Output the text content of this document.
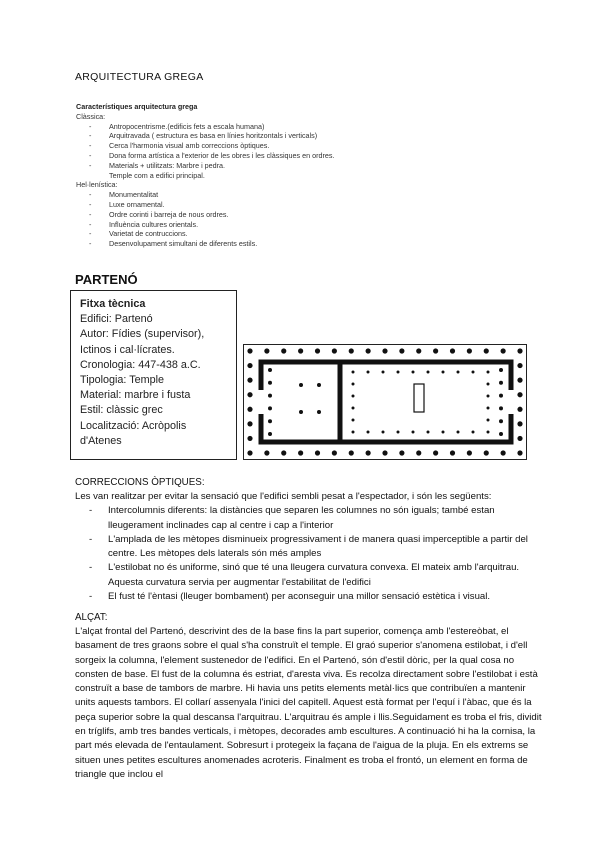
ARQUITECTURA GREGA
Característiques arquitectura grega
Clàssica:
- Antropocentrisme.(edificis fets a escala humana)
- Arquitravada ( estructura es basa en línies horitzontals i verticals)
- Cerca l'harmonia visual amb correccions òptiques.
- Dona forma artística a l'exterior de les obres i les clàssiques en ordres.
- Materials + utilitzats: Marbre i pedra.
Temple com a edifici principal.
Hel·lenística:
- Monumentalitat
- Luxe ornamental.
- Ordre corinti i barreja de nous ordres.
- Influència cultures orientals.
- Varietat de contruccions.
- Desenvolupament simultani de diferents estils.
PARTENÓ
Fitxa tècnica
Edifici: Partenó
Autor: Fídies (supervisor),
Ictinos i cal·lícrates.
Cronologia: 447-438 a.C.
Tipologia: Temple
Material: marbre i fusta
Estil: clàssic grec
Localització: Acròpolis
d'Atenes
CORRECCIONS ÒPTIQUES:
Les van realitzar per evitar la sensació que l'edifici sembli pesat a l'espectador, i són les següents:
- Intercolumnis diferents: la distàncies que separen les columnes no són iguals; també estan lleugerament inclinades cap al centre i cap a l'interior
- L'amplada de les mètopes disminueix progressivament i de manera quasi imperceptible a partir del centre. Les mètopes dels laterals són més amples
- L'estilobat no és uniforme, sinó que té una lleugera curvatura convexa. El mateix amb l'arquitrau. Aquesta curvatura servia per augmentar l'estabilitat de l'edifici
- El fust té l'èntasi (lleuger bombament) per aconseguir una millor sensació estètica i visual.
ALÇAT:
L'alçat frontal del Partenó, descrivint des de la base fins la part superior, comença amb l'estereòbat, el basament de tres graons sobre el qual s'ha construït el temple. El graó superior s'anomena estilobat, i d'ell sorgeix la columna, l'element sustenedor de l'edifici. En el Partenó, són d'estil dòric, per la qual cosa no consten de base. El fust de la columna és estriat, d'aresta viva. Es recolza directament sobre l'estilobat i està construït a base de tambors de marbre. Hi havia uns petits elements metàl·lics que contribuïen a mantenir units aquests tambors. El collarí assenyala l'inici del capitell. Aquest està format per l'equí i l'àbac, que és la peça superior sobre la qual descansa l'arquitrau. L'arquitrau és ample i llis.Seguidament es troba el fris, dividit en tríglifs, amb tres bandes verticals, i mètopes, decorades amb escultures. A continuació hi ha la cornisa, la part més elevada de l'entaulament. Sobresurt i protegeix la façana de l'aigua de la pluja. En els extrems se situen unes petites escultures anomenades acroteris. Finalment es troba el frontó, un element en forma de triangle que inclou el
